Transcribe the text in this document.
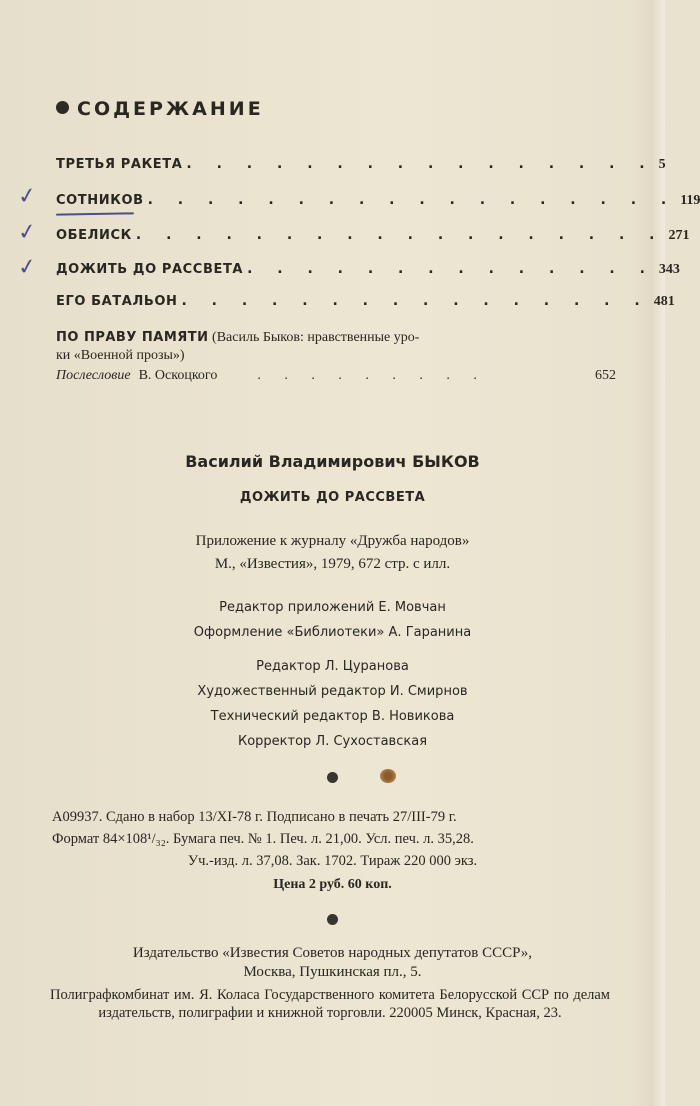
СОДЕРЖАНИЕ
✓
✓
✓
ТРЕТЬЯ РАКЕТА . . . . . . . . . . . . . . . . 5
СОТНИКОВ . . . . . . . . . . . . . . . . . . 119
ОБЕЛИСК . . . . . . . . . . . . . . . . . . 271
ДОЖИТЬ ДО РАССВЕТА . . . . . . . . . . . . . . 343
ЕГО БАТАЛЬОН . . . . . . . . . . . . . . . . 481
ПО ПРАВУ ПАМЯТИ (Василь Быков: нравственные уро-
ки «Военной прозы»)
Послесловие В. Оскоцкого	. . . . . . . . .	652
Василий Владимирович БЫКОВ
ДОЖИТЬ ДО РАССВЕТА
Приложение к журналу «Дружба народов»
М., «Известия», 1979, 672 стр. с илл.
Редактор приложений Е. Мовчан
Оформление «Библиотеки» А. Гаранина
Редактор Л. Цуранова
Художественный редактор И. Смирнов
Технический редактор В. Новикова
Корректор Л. Сухоставская
А09937. Сдано в набор 13/XI-78 г. Подписано в печать 27/III-79 г.
Формат 84×108¹/₃₂. Бумага печ. № 1. Печ. л. 21,00. Усл. печ. л. 35,28.
Уч.-изд. л. 37,08. Зак. 1702. Тираж 220 000 экз.
Цена 2 руб. 60 коп.
Издательство «Известия Советов народных депутатов СССР»,
Москва, Пушкинская пл., 5.
Полиграфкомбинат им. Я. Коласа Государственного комитета Белорусской ССР по делам издательств, полиграфии и книжной торговли. 220005 Минск, Красная, 23.
